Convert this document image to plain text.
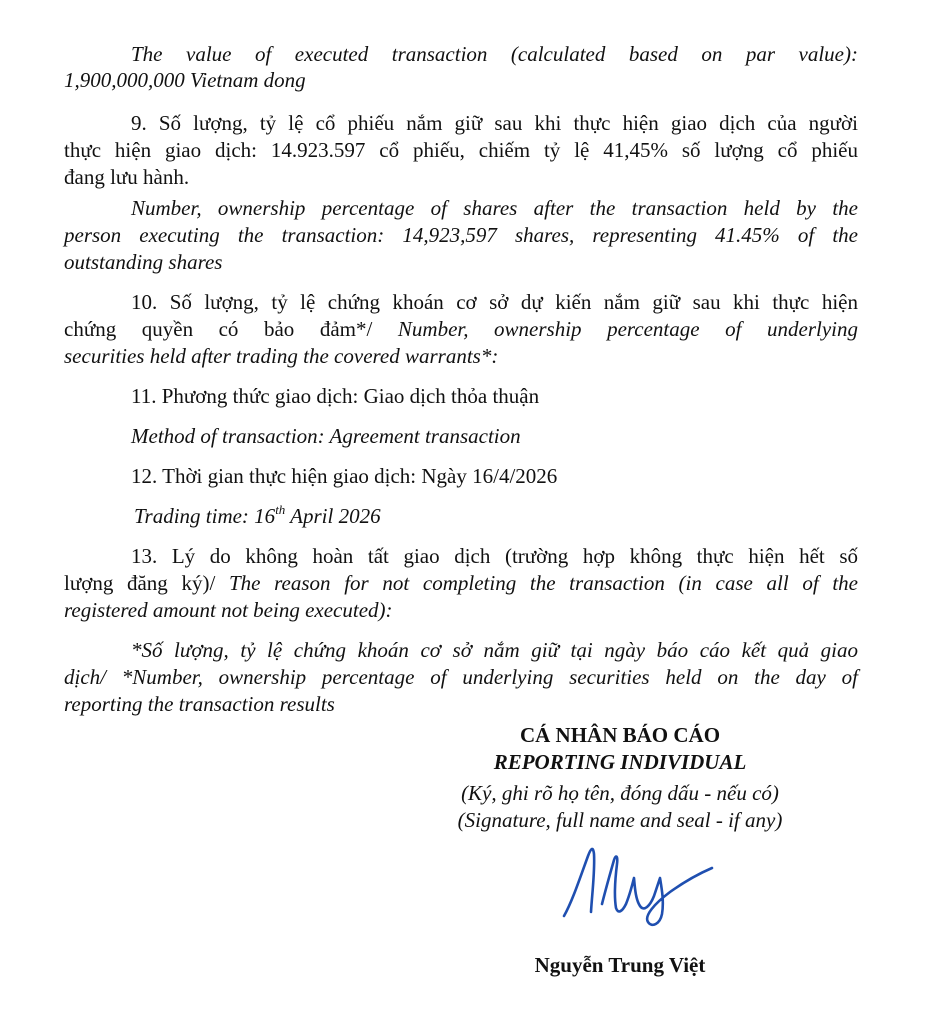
The value of executed transaction (calculated based on par value):
1,900,000,000 Vietnam dong
9. Số lượng, tỷ lệ cổ phiếu nắm giữ sau khi thực hiện giao dịch của người
thực hiện giao dịch: 14.923.597 cổ phiếu, chiếm tỷ lệ 41,45% số lượng cổ phiếu
đang lưu hành.
Number, ownership percentage of shares after the transaction held by the
person executing the transaction: 14,923,597 shares, representing 41.45% of the
outstanding shares
10. Số lượng, tỷ lệ chứng khoán cơ sở dự kiến nắm giữ sau khi thực hiện
chứng quyền có bảo đảm*/ Number, ownership percentage of underlying
securities held after trading the covered warrants*:
11. Phương thức giao dịch: Giao dịch thỏa thuận
Method of transaction: Agreement transaction
12. Thời gian thực hiện giao dịch: Ngày 16/4/2026
Trading time: 16th April 2026
13. Lý do không hoàn tất giao dịch (trường hợp không thực hiện hết số
lượng đăng ký)/ The reason for not completing the transaction (in case all of the
registered amount not being executed):
*Số lượng, tỷ lệ chứng khoán cơ sở nắm giữ tại ngày báo cáo kết quả giao
dịch/ *Number, ownership percentage of underlying securities held on the day of
reporting the transaction results
CÁ NHÂN BÁO CÁO
REPORTING INDIVIDUAL
(Ký, ghi rõ họ tên, đóng dấu - nếu có)
(Signature, full name and seal - if any)
Nguyễn Trung Việt
